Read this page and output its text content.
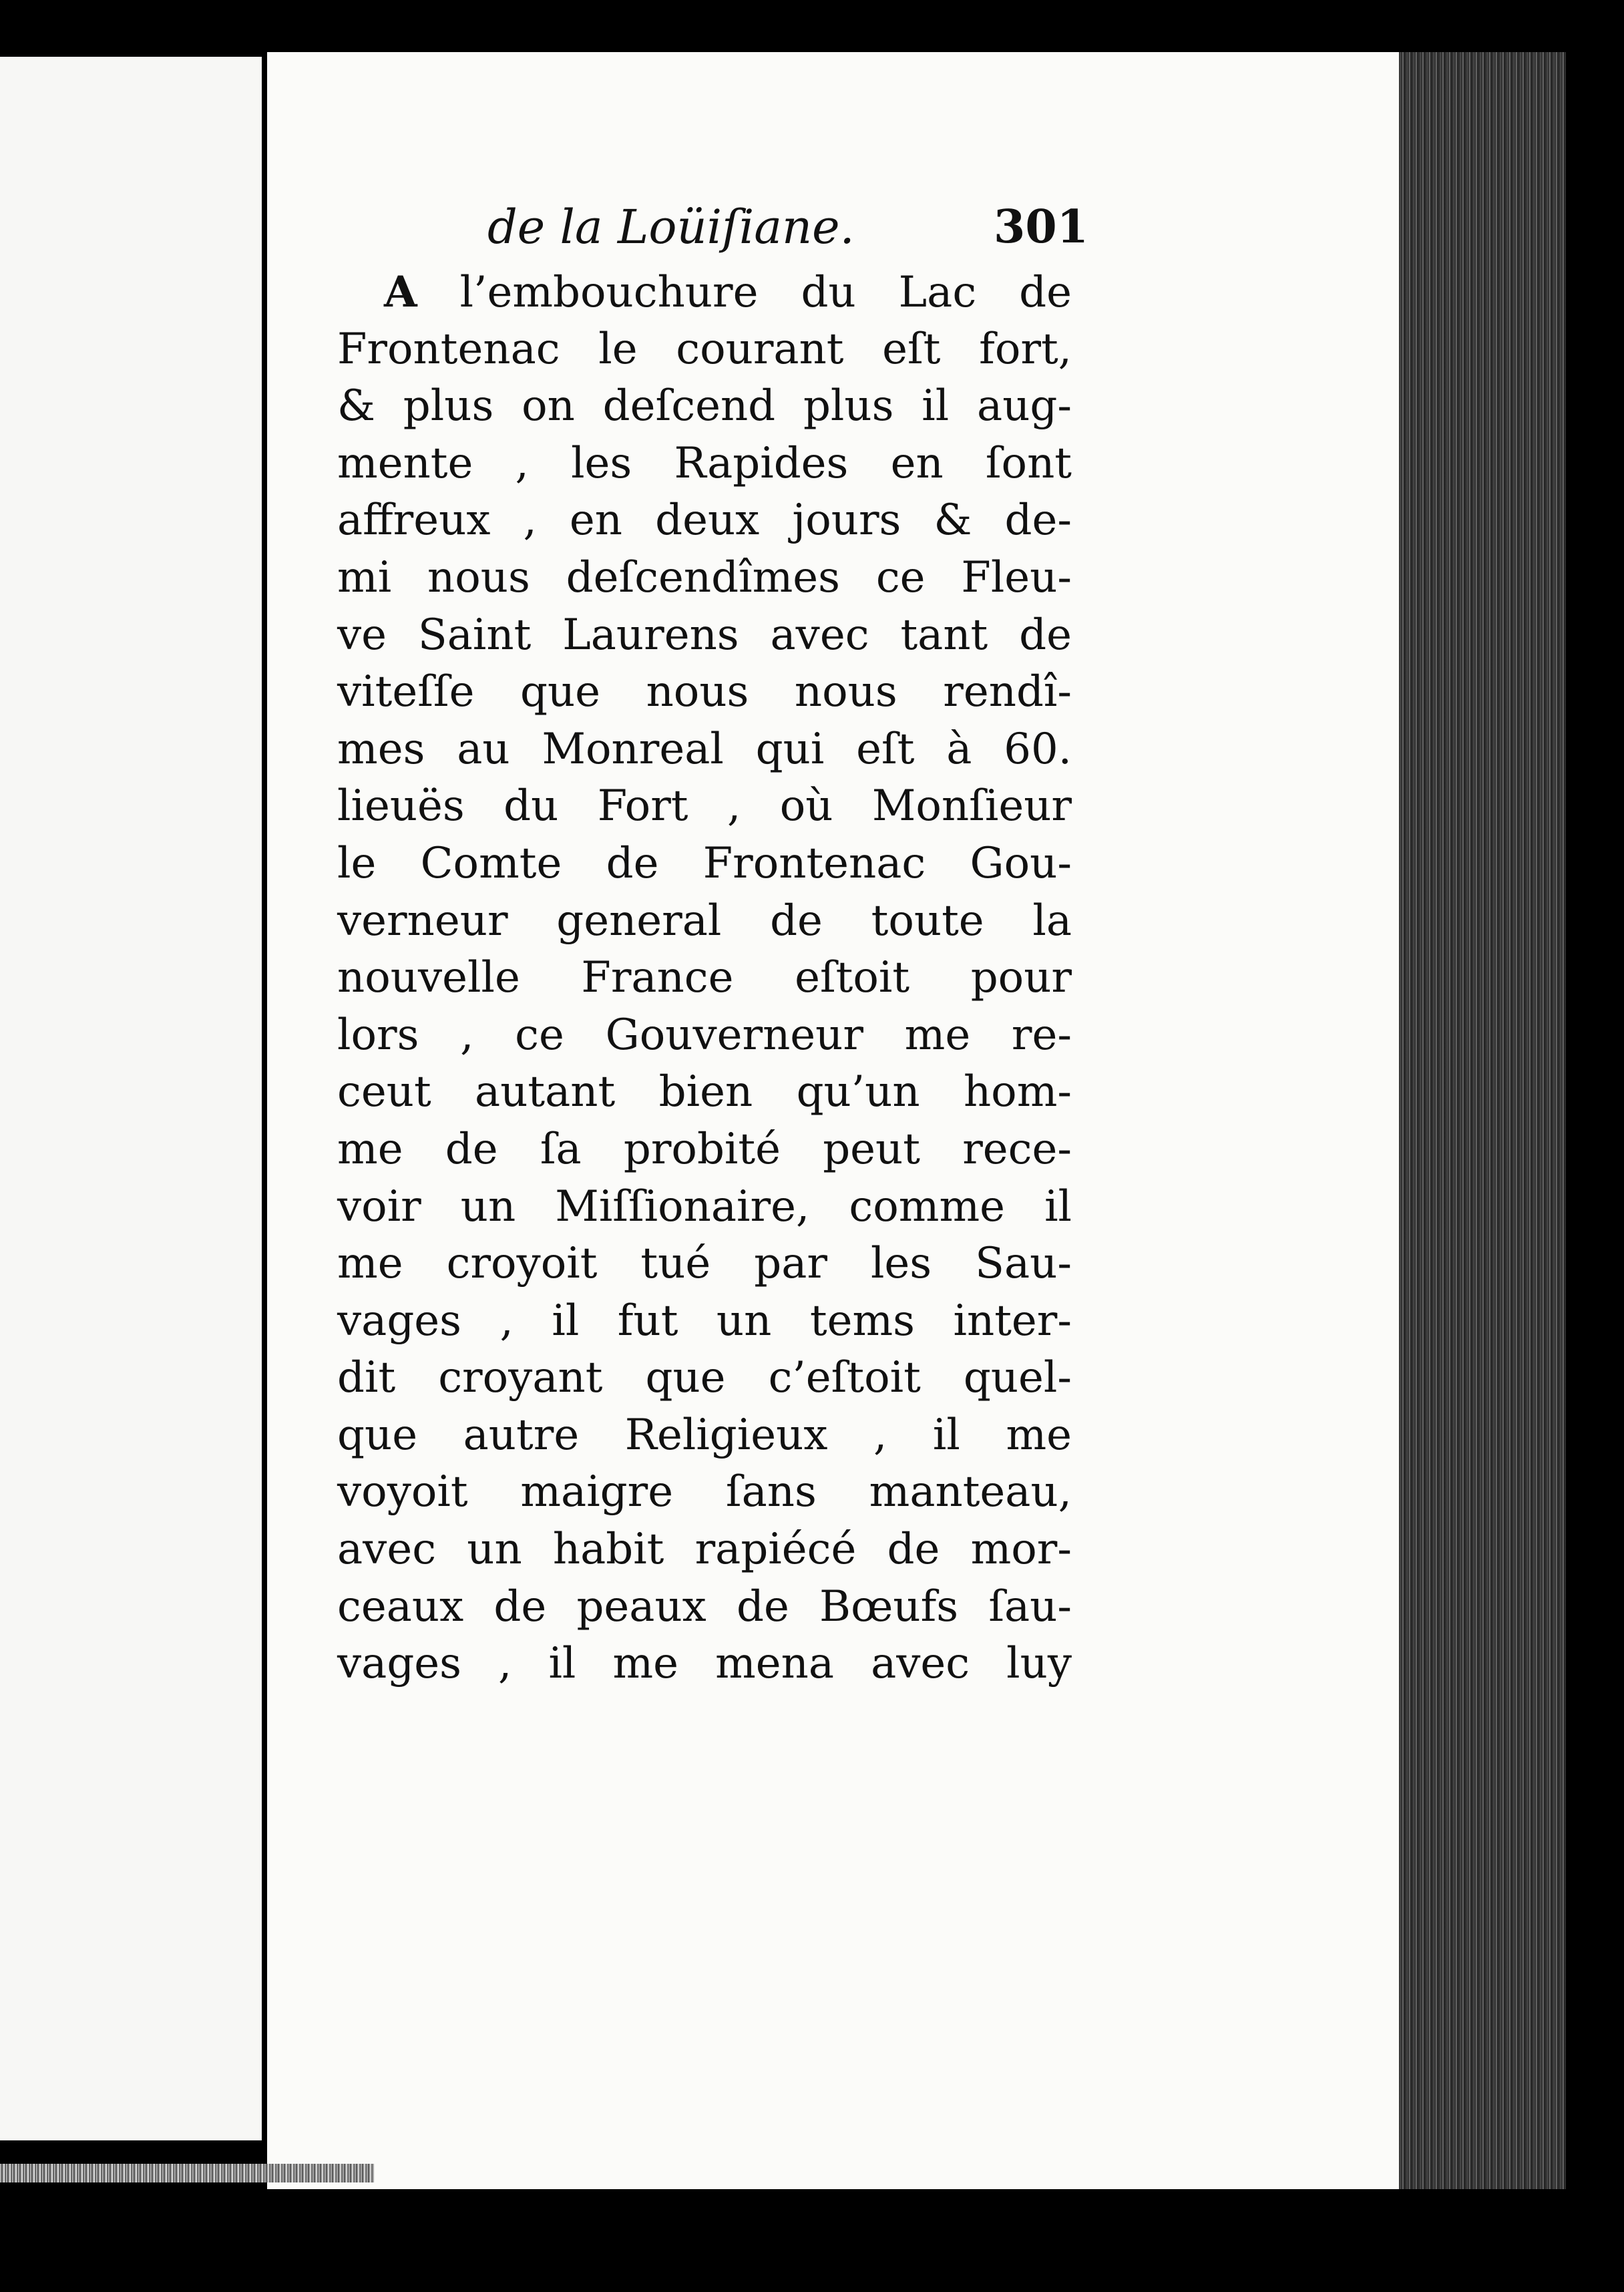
de la Loüiſiane.	301
A l’embouchure du Lac de
Frontenac le courant eſt fort,
& plus on deſcend plus il aug-
mente , les Rapides en ſont
affreux , en deux jours & de-
mi nous deſcendîmes ce Fleu-
ve Saint Laurens avec tant de
viteſſe que nous nous rendî-
mes au Monreal qui eſt à 60.
lieuës du Fort , où Monſieur
le Comte de Frontenac Gou-
verneur general de toute la
nouvelle France eſtoit pour
lors , ce Gouverneur me re-
ceut autant bien qu’un hom-
me de ſa probité peut rece-
voir un Miſſionaire, comme il
me croyoit tué par les Sau-
vages , il fut un tems inter-
dit croyant que c’eſtoit quel-
que autre Religieux , il me
voyoit maigre ſans manteau,
avec un habit rapiécé de mor-
ceaux de peaux de Bœufs ſau-
vages , il me mena avec luy
